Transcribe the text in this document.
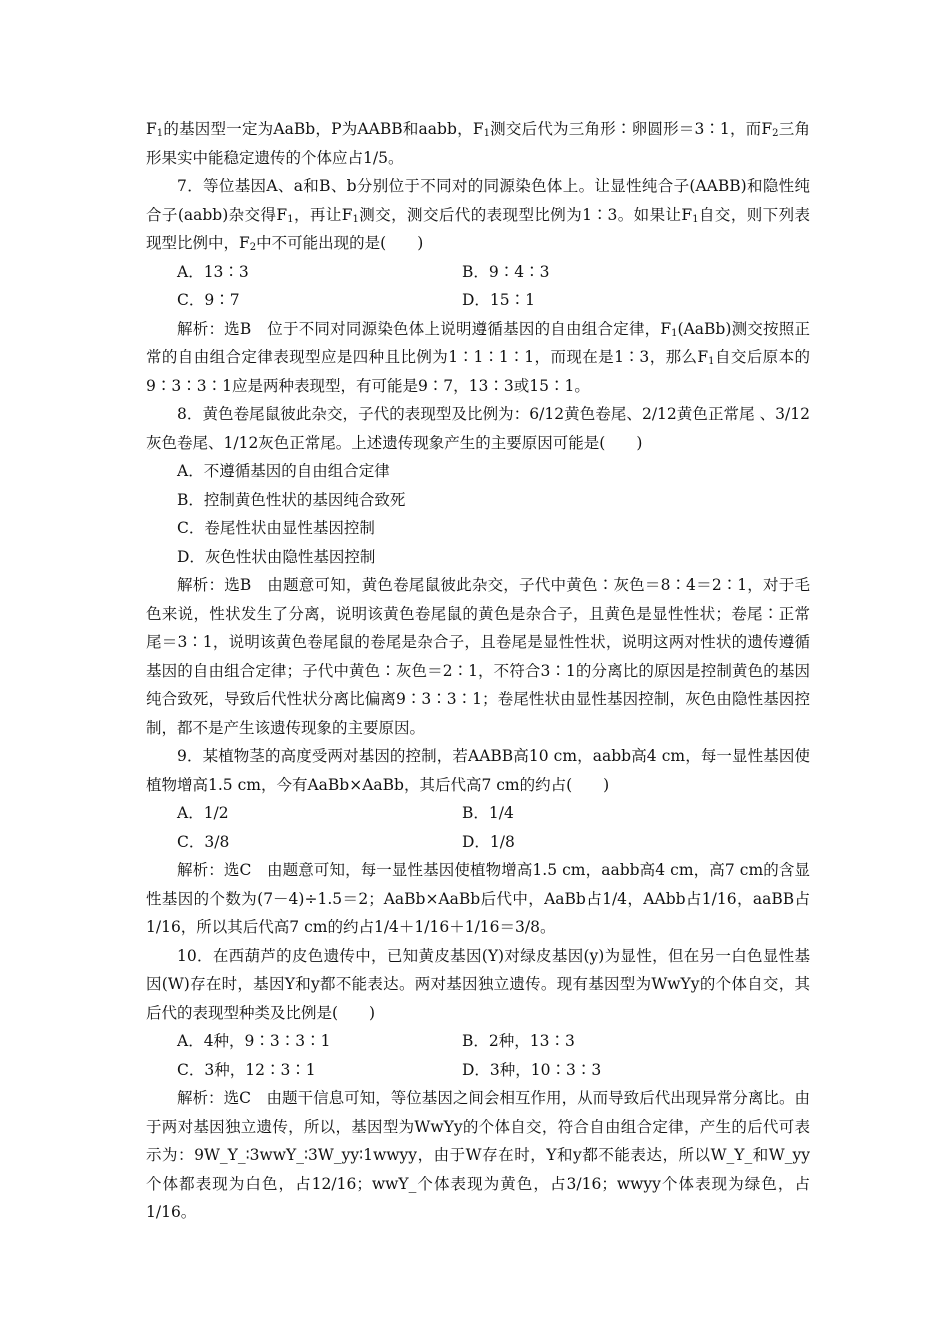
$F_1$的基因型一定为AaBb，P为AABB和aabb，$F_1$测交后代为三角形∶卵圆形＝3∶1，而$F_2$三角形果实中能稳定遗传的个体应占1/5。

7．等位基因A、a和B、b分别位于不同对的同源染色体上。让显性纯合子(AABB)和隐性纯合子(aabb)杂交得$F_1$，再让$F_1$测交，测交后代的表现型比例为1∶3。如果让$F_1$自交，则下列表现型比例中，$F_2$中不可能出现的是(　　)

A．13∶3	B．9∶4∶3
C．9∶7	D．15∶1

解析：选B　位于不同对同源染色体上说明遵循基因的自由组合定律，$F_1(AaBb)$测交按照正常的自由组合定律表现型应是四种且比例为1∶1∶1∶1，而现在是1∶3，那么$F_1$自交后原本的9∶3∶3∶1应是两种表现型，有可能是9∶7，13∶3或15∶1。

8．黄色卷尾鼠彼此杂交，子代的表现型及比例为：6/12黄色卷尾、2/12黄色正常尾 、3/12灰色卷尾、1/12灰色正常尾。上述遗传现象产生的主要原因可能是(　　)

A．不遵循基因的自由组合定律

B．控制黄色性状的基因纯合致死

C．卷尾性状由显性基因控制

D．灰色性状由隐性基因控制

解析：选B　由题意可知，黄色卷尾鼠彼此杂交，子代中黄色∶灰色＝8∶4＝2∶1，对于毛色来说，性状发生了分离，说明该黄色卷尾鼠的黄色是杂合子，且黄色是显性性状；卷尾∶正常尾＝3∶1，说明该黄色卷尾鼠的卷尾是杂合子，且卷尾是显性性状，说明这两对性状的遗传遵循基因的自由组合定律；子代中黄色∶灰色＝2∶1，不符合3∶1的分离比的原因是控制黄色的基因纯合致死，导致后代性状分离比偏离9∶3∶3∶1；卷尾性状由显性基因控制，灰色由隐性基因控制，都不是产生该遗传现象的主要原因。

9．某植物茎的高度受两对基因的控制，若AABB高10 cm，aabb高4 cm，每一显性基因使植物增高1.5 cm，今有AaBb×AaBb，其后代高7 cm的约占(　　)

A．1/2	B．1/4
C．3/8	D．1/8

解析：选C　由题意可知，每一显性基因使植物增高1.5 cm，aabb高4 cm，高7 cm的含显性基因的个数为(7－4)÷1.5＝2；AaBb×AaBb后代中，AaBb占1/4，AAbb占1/16，aaBB占1/16，所以其后代高7 cm的约占1/4＋1/16＋1/16＝3/8。

10．在西葫芦的皮色遗传中，已知黄皮基因(Y)对绿皮基因(y)为显性，但在另一白色显性基因(W)存在时，基因Y和y都不能表达。两对基因独立遗传。现有基因型为WwYy的个体自交，其后代的表现型种类及比例是(　　)

A．4种，9∶3∶3∶1	B．2种，13∶3
C．3种，12∶3∶1	D．3种，10∶3∶3

解析：选C　由题干信息可知，等位基因之间会相互作用，从而导致后代出现异常分离比。由于两对基因独立遗传，所以，基因型为WwYy的个体自交，符合自由组合定律，产生的后代可表示为：9W_Y_∶3wwY_∶3W_yy∶1wwyy，由于W存在时，Y和y都不能表达，所以W_Y_和W_yy个体都表现为白色，占12/16；wwY_个体表现为黄色，占3/16；wwyy个体表现为绿色，占1/16。
